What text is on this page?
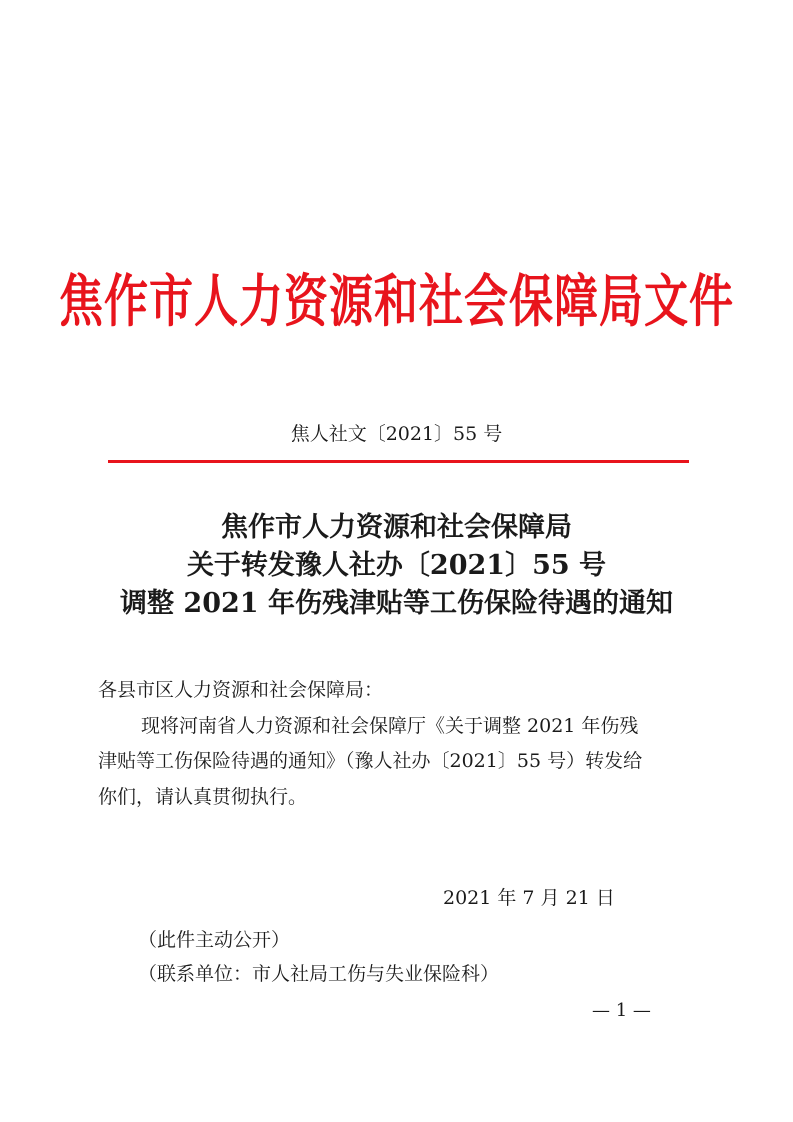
焦作市人力资源和社会保障局文件
焦人社文〔2021〕55 号
焦作市人力资源和社会保障局
关于转发豫人社办〔2021〕55 号
调整 2021 年伤残津贴等工伤保险待遇的通知
各县市区人力资源和社会保障局：
现将河南省人力资源和社会保障厅《关于调整 2021 年伤残
津贴等工伤保险待遇的通知》（豫人社办〔2021〕55 号）转发给
你们，请认真贯彻执行。
2021 年 7 月 21 日
（此件主动公开）
（联系单位：市人社局工伤与失业保险科）
— 1 —
